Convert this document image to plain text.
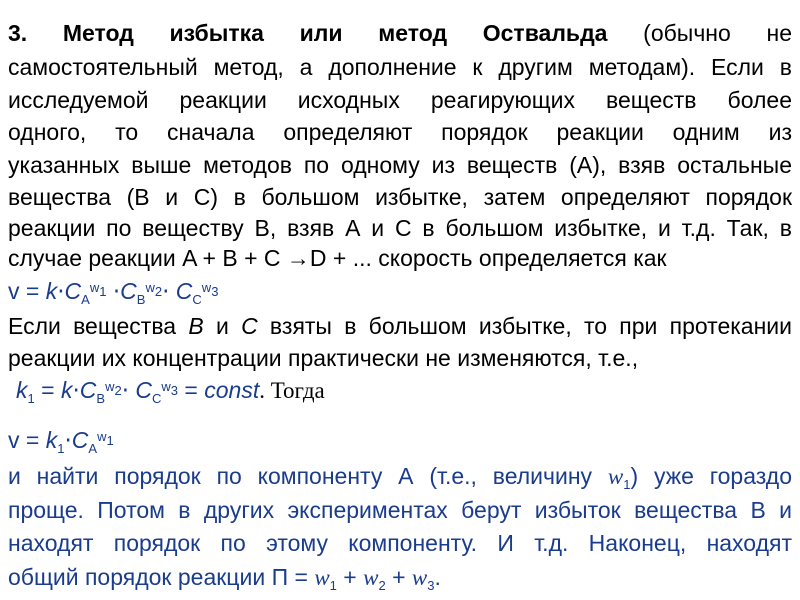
3. Метод избытка или метод Оствальда (обычно не
самостоятельный метод, а дополнение к другим методам). Если в
исследуемой реакции исходных реагирующих веществ более
одного, то сначала определяют порядок реакции одним из
указанных выше методов по одному из веществ (А), взяв остальные
вещества (В и С) в большом избытке, затем определяют порядок
реакции по веществу В, взяв А и С в большом избытке, и т.д. Так, в
случае реакции A + B + C →D + ... скорость определяется как
$v = k\cdot C_A^{w1} \cdot C_B^{w2}\cdot C_C^{w3}$
Если вещества B и C взяты в большом избытке, то при протекании
реакции их концентрации практически не изменяются, т.е.,
$k_1 = k\cdot C_B^{w2}\cdot C_C^{w3}$ = const. Тогда
$v = k_1\cdot C_A^{w1}$
и найти порядок по компоненту А (т.е., величину $w_1$) уже гораздо
проще. Потом в других экспериментах берут избыток вещества В и
находят порядок по этому компоненту. И т.д. Наконец, находят
общий порядок реакции $П = w_1 + w_2 + w_3$.
